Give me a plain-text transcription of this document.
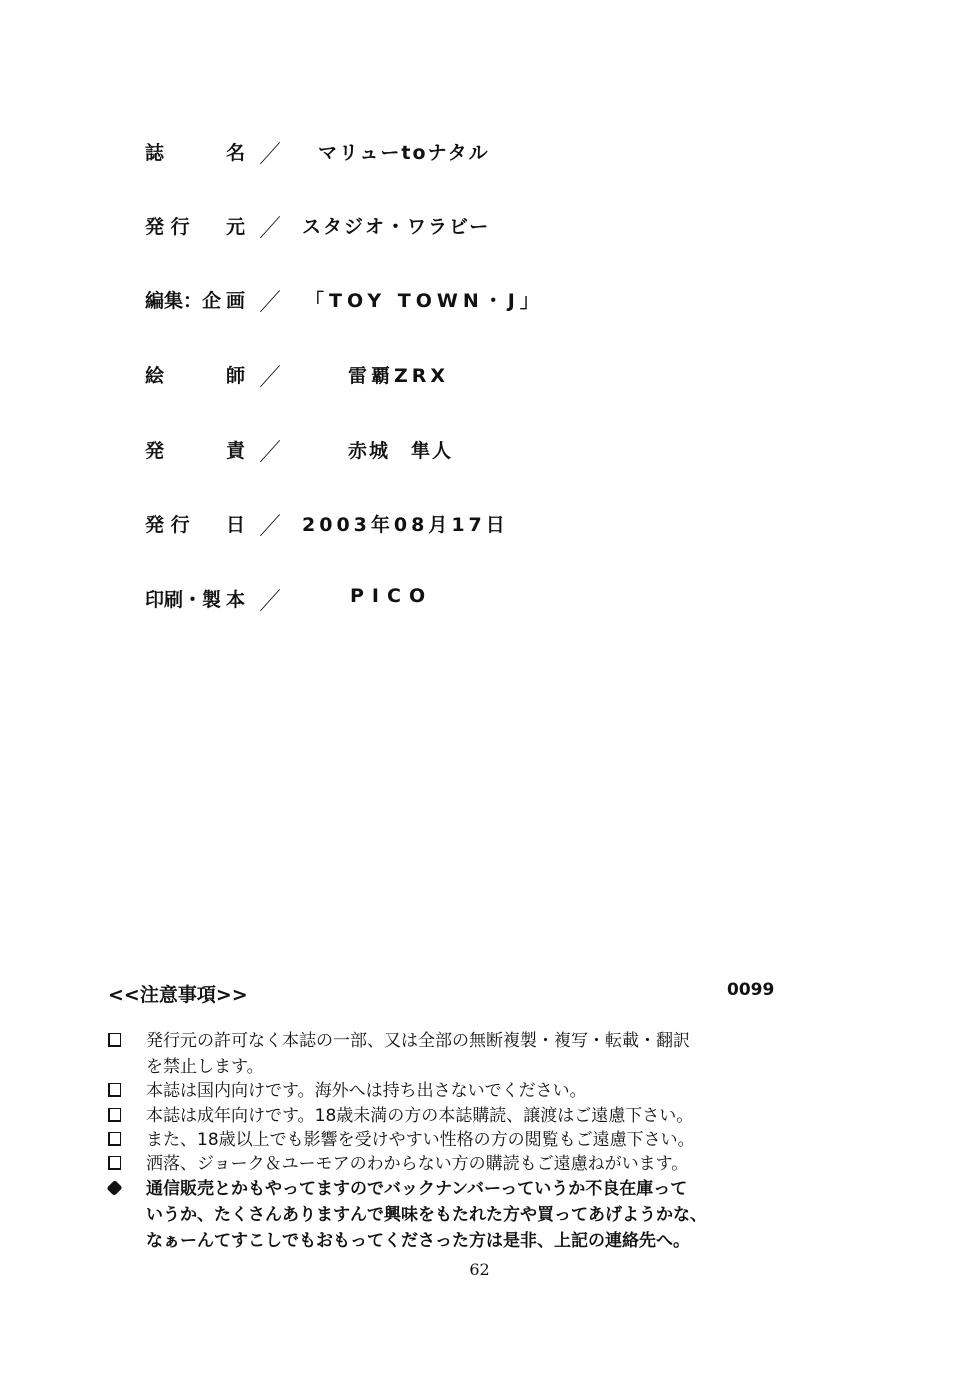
誌	名 ／ マリューtoナタル
発 行 元 ／ スタジオ・ワラビー
編集：企 画 ／ 「TOY TOWN・J」
絵	師 ／	雷覇ZRX
発	責 ／	赤城　隼人
発 行 日 ／ 2003年08月17日
印刷・製 本 ／	PICO
<<注意事項>>	0099
発行元の許可なく本誌の一部、又は全部の無断複製・複写・転載・翻訳
を禁止します。
本誌は国内向けです。海外へは持ち出さないでください。
本誌は成年向けです。18歳未満の方の本誌購読、譲渡はご遠慮下さい。
また、18歳以上でも影響を受けやすい性格の方の閲覧もご遠慮下さい。
洒落、ジョーク＆ユーモアのわからない方の購読もご遠慮ねがいます。
通信販売とかもやってますのでバックナンバーっていうか不良在庫って
いうか、たくさんありますんで興味をもたれた方や買ってあげようかな、
なぁーんてすこしでもおもってくださった方は是非、上記の連絡先へ。
62
